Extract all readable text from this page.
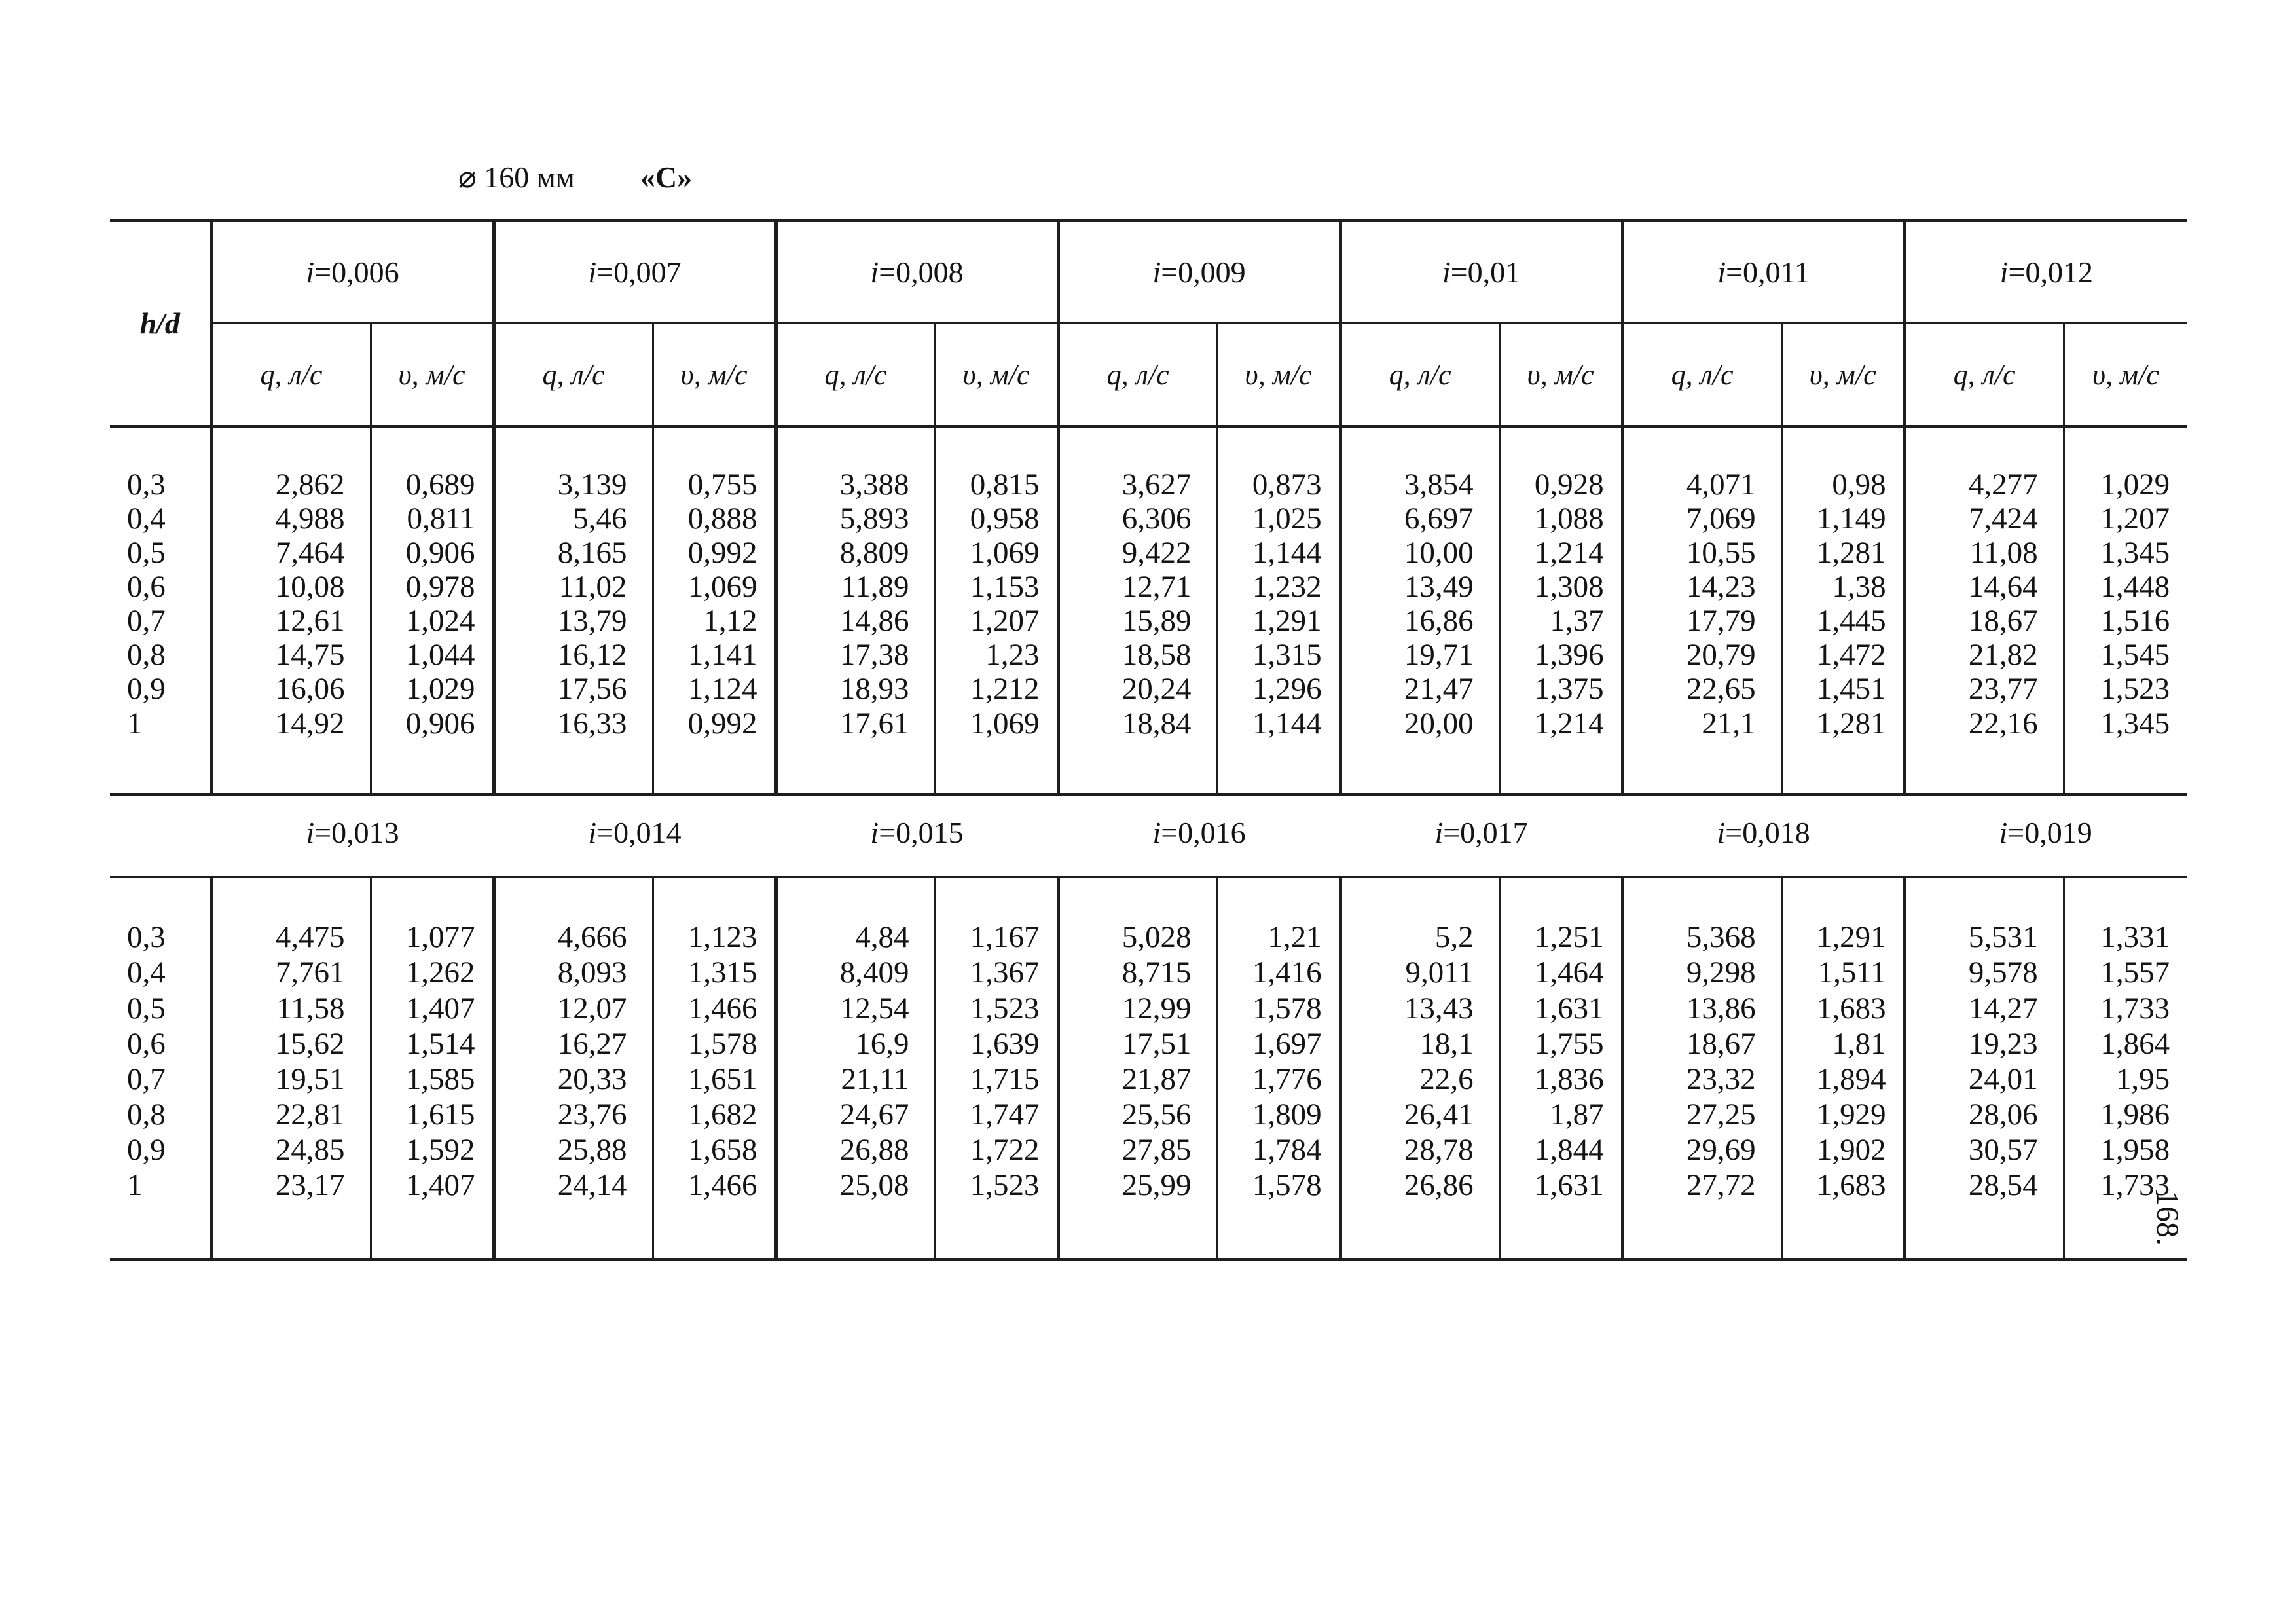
⌀ 160 мм «С»
h/d	i=0,006		i=0,007		i=0,008		i=0,009		i=0,01		i=0,011		i=0,012	
	q, л/с	υ, м/с	q, л/с	υ, м/с	q, л/с	υ, м/с	q, л/с	υ, м/с	q, л/с	υ, м/с	q, л/с	υ, м/с	q, л/с	υ, м/с

0,3	2,862	0,689	3,139	0,755	3,388	0,815	3,627	0,873	3,854	0,928	4,071	0,98	4,277	1,029
0,4	4,988	0,811	5,46	0,888	5,893	0,958	6,306	1,025	6,697	1,088	7,069	1,149	7,424	1,207
0,5	7,464	0,906	8,165	0,992	8,809	1,069	9,422	1,144	10,00	1,214	10,55	1,281	11,08	1,345
0,6	10,08	0,978	11,02	1,069	11,89	1,153	12,71	1,232	13,49	1,308	14,23	1,38	14,64	1,448
0,7	12,61	1,024	13,79	1,12	14,86	1,207	15,89	1,291	16,86	1,37	17,79	1,445	18,67	1,516
0,8	14,75	1,044	16,12	1,141	17,38	1,23	18,58	1,315	19,71	1,396	20,79	1,472	21,82	1,545
0,9	16,06	1,029	17,56	1,124	18,93	1,212	20,24	1,296	21,47	1,375	22,65	1,451	23,77	1,523
1	14,92	0,906	16,33	0,992	17,61	1,069	18,84	1,144	20,00	1,214	21,1	1,281	22,16	1,345

	i=0,013		i=0,014		i=0,015		i=0,016		i=0,017		i=0,018		i=0,019	

0,3	4,475	1,077	4,666	1,123	4,84	1,167	5,028	1,21	5,2	1,251	5,368	1,291	5,531	1,331
0,4	7,761	1,262	8,093	1,315	8,409	1,367	8,715	1,416	9,011	1,464	9,298	1,511	9,578	1,557
0,5	11,58	1,407	12,07	1,466	12,54	1,523	12,99	1,578	13,43	1,631	13,86	1,683	14,27	1,733
0,6	15,62	1,514	16,27	1,578	16,9	1,639	17,51	1,697	18,1	1,755	18,67	1,81	19,23	1,864
0,7	19,51	1,585	20,33	1,651	21,11	1,715	21,87	1,776	22,6	1,836	23,32	1,894	24,01	1,95
0,8	22,81	1,615	23,76	1,682	24,67	1,747	25,56	1,809	26,41	1,87	27,25	1,929	28,06	1,986
0,9	24,85	1,592	25,88	1,658	26,88	1,722	27,85	1,784	28,78	1,844	29,69	1,902	30,57	1,958
1	23,17	1,407	24,14	1,466	25,08	1,523	25,99	1,578	26,86	1,631	27,72	1,683	28,54	1,733

168.
